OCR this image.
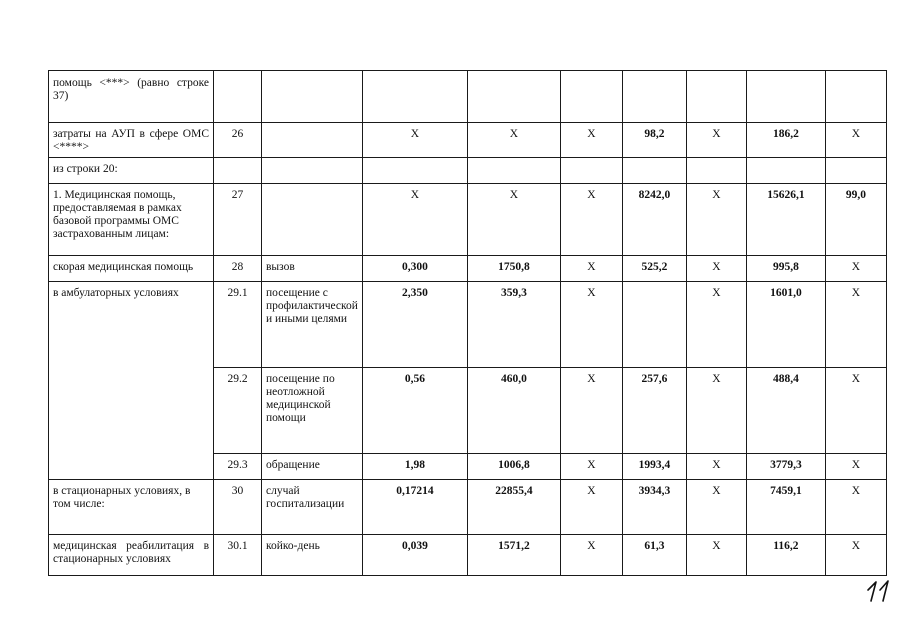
помощь <***> (равно строке 37)									
затраты на АУП в сфере ОМС <****>	26		Х	Х	Х	98,2	Х	186,2	Х
из строки 20:									
1. Медицинская помощь, предоставляемая в рамках базовой программы ОМС застрахованным лицам:	27		Х	Х	Х	8242,0	Х	15626,1	99,0
скорая медицинская помощь	28	вызов	0,300	1750,8	Х	525,2	Х	995,8	Х
в амбулаторных условиях	29.1	посещение с профилактической и иными целями	2,350	359,3	Х		Х	1601,0	Х
	29.2	посещение по неотложной медицинской помощи	0,56	460,0	Х	257,6	Х	488,4	Х
	29.3	обращение	1,98	1006,8	Х	1993,4	Х	3779,3	Х
в стационарных условиях, в том числе:	30	случай госпитализации	0,17214	22855,4	Х	3934,3	Х	7459,1	Х
медицинская реабилитация в стационарных условиях	30.1	койко-день	0,039	1571,2	Х	61,3	Х	116,2	Х
